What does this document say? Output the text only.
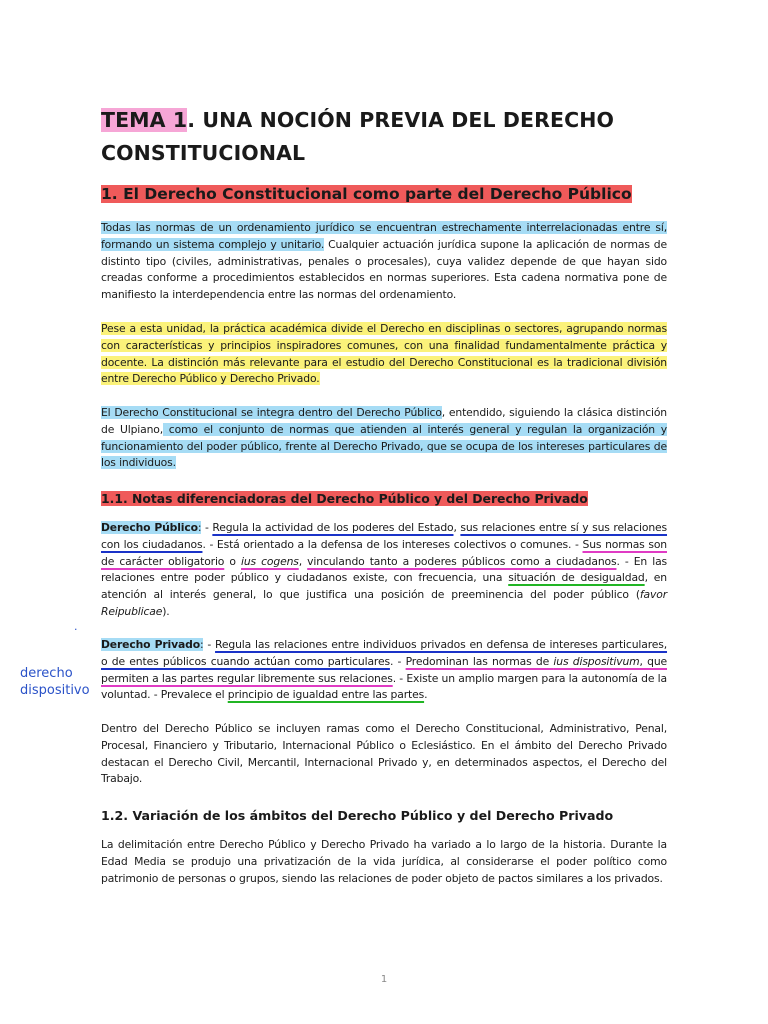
TEMA 1. UNA NOCIÓN PREVIA DEL DERECHO CONSTITUCIONAL
1. El Derecho Constitucional como parte del Derecho Público

Todas las normas de un ordenamiento jurídico se encuentran estrechamente interrelacionadas entre sí, formando un sistema complejo y unitario. Cualquier actuación jurídica supone la aplicación de normas de distinto tipo (civiles, administrativas, penales o procesales), cuya validez depende de que hayan sido creadas conforme a procedimientos establecidos en normas superiores. Esta cadena normativa pone de manifiesto la interdependencia entre las normas del ordenamiento.

Pese a esta unidad, la práctica académica divide el Derecho en disciplinas o sectores, agrupando normas con características y principios inspiradores comunes, con una finalidad fundamentalmente práctica y docente. La distinción más relevante para el estudio del Derecho Constitucional es la tradicional división entre Derecho Público y Derecho Privado.

El Derecho Constitucional se integra dentro del Derecho Público, entendido, siguiendo la clásica distinción de Ulpiano, como el conjunto de normas que atienden al interés general y regulan la organización y funcionamiento del poder público, frente al Derecho Privado, que se ocupa de los intereses particulares de los individuos.

1.1. Notas diferenciadoras del Derecho Público y del Derecho Privado

Derecho Público: - Regula la actividad de los poderes del Estado, sus relaciones entre sí y sus relaciones con los ciudadanos. - Está orientado a la defensa de los intereses colectivos o comunes. - Sus normas son de carácter obligatorio o ius cogens, vinculando tanto a poderes públicos como a ciudadanos. - En las relaciones entre poder público y ciudadanos existe, con frecuencia, una situación de desigualdad, en atención al interés general, lo que justifica una posición de preeminencia del poder público (favor Reipublicae).

Derecho Privado: - Regula las relaciones entre individuos privados en defensa de intereses particulares, o de entes públicos cuando actúan como particulares. - Predominan las normas de ius dispositivum, que permiten a las partes regular libremente sus relaciones. - Existe un amplio margen para la autonomía de la voluntad. - Prevalece el principio de igualdad entre las partes.

Dentro del Derecho Público se incluyen ramas como el Derecho Constitucional, Administrativo, Penal, Procesal, Financiero y Tributario, Internacional Público o Eclesiástico. En el ámbito del Derecho Privado destacan el Derecho Civil, Mercantil, Internacional Privado y, en determinados aspectos, el Derecho del Trabajo.

1.2. Variación de los ámbitos del Derecho Público y del Derecho Privado

La delimitación entre Derecho Público y Derecho Privado ha variado a lo largo de la historia. Durante la Edad Media se produjo una privatización de la vida jurídica, al considerarse el poder político como patrimonio de personas o grupos, siendo las relaciones de poder objeto de pactos similares a los privados.

.
derecho
dispositivo
1
